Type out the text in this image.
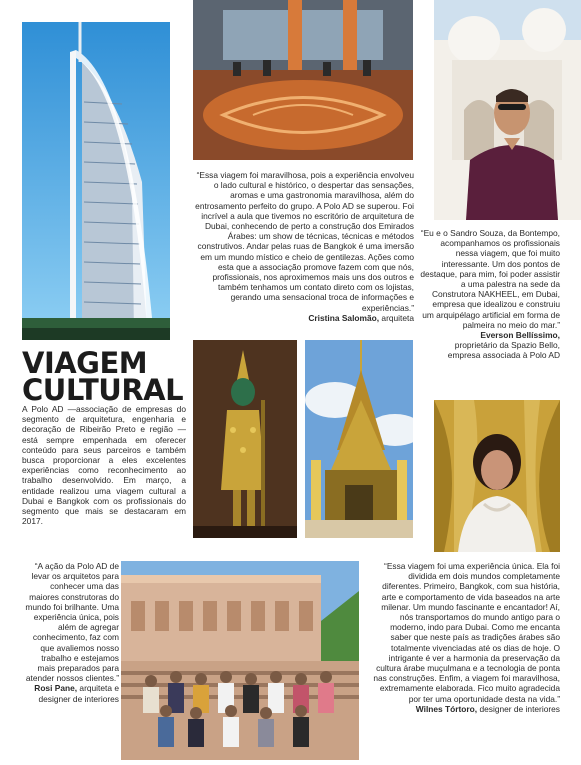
“Essa viagem foi maravilhosa, pois a experiência envolveu o lado cultural e histórico, o despertar das sensações, aromas e uma gastronomia maravilhosa, além do entrosamento perfeito do grupo. A Polo AD se superou. Foi incrível a aula que tivemos no escritório de arquitetura de Dubai, conhecendo de perto a construção dos Emirados Árabes: um show de técnicas, técnicas e métodos construtivos. Andar pelas ruas de Bangkok é uma imersão em um mundo místico e cheio de gentilezas. Ações como esta que a associação promove fazem com que nós, profissionais, nos aproximemos mais uns dos outros e também tenhamos um contato direto com os lojistas, gerando uma sensacional troca de informações e experiências.”
Cristina Salomão, arquiteta
“Eu e o Sandro Souza, da Bontempo, acompanhamos os profissionais nessa viagem, que foi muito interessante. Um dos pontos de destaque, para mim, foi poder assistir a uma palestra na sede da Construtora NAKHEEL, em Dubai, empresa que idealizou e construiu um arquipélago artificial em forma de palmeira no meio do mar.”
Everson Bellíssimo,
proprietário da Spazio Bello, empresa associada à Polo AD
VIAGEM
CULTURAL
A Polo AD —associação de empresas do segmento de arquitetura, engenharia e decoração de Ribeirão Preto e região — está sempre empenhada em oferecer conteúdo para seus parceiros e também busca proporcionar a eles excelentes experiências como reconhecimento ao trabalho desenvolvido. Em março, a entidade realizou uma viagem cultural a Dubai e Bangkok com os profissionais do segmento que mais se destacaram em 2017.
“A ação da Polo AD de levar os arquitetos para conhecer uma das maiores construtoras do mundo foi brilhante. Uma experiência única, pois além de agregar conhecimento, faz com que avaliemos nosso trabalho e estejamos mais preparados para atender nossos clientes.”
Rosi Pane, arquiteta e designer de interiores
“Essa viagem foi uma experiência única. Ela foi dividida em dois mundos completamente diferentes. Primeiro, Bangkok, com sua história, arte e comportamento de vida baseados na arte milenar. Um mundo fascinante e encantador! Aí, nós transportamos do mundo antigo para o moderno, indo para Dubai. Como me encanta saber que neste país as tradições árabes são totalmente vivenciadas até os dias de hoje. O intrigante é ver a harmonia da preservação da cultura árabe muçulmana e a tecnologia de ponta nas construções. Enfim, a viagem foi maravilhosa, extremamente elaborada. Fico muito agradecida por ter uma oportunidade desta na vida.”
Wilnes Tórtoro, designer de interiores
